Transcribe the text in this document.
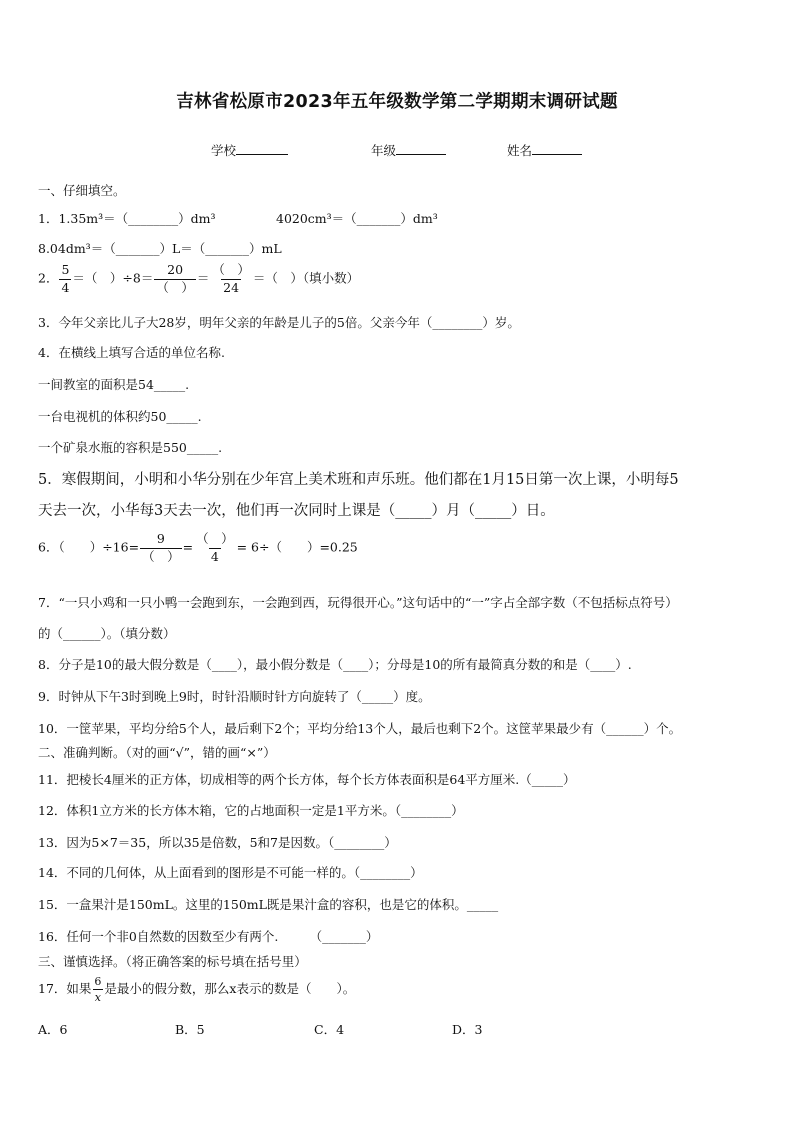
吉林省松原市2023年五年级数学第二学期期末调研试题
学校	年级	姓名
一、仔细填空。
1．1.35m³＝（________）dm³	4020cm³＝（_______）dm³
8.04dm³＝（_______）L＝（_______）mL
2． $\frac{5}{4}$ ＝（　）$\div 8= \frac{20}{( )} = \frac{( )}{24}$ ＝（　）（填小数）
3．今年父亲比儿子大28岁，明年父亲的年龄是儿子的5倍。父亲今年（________）岁。
4．在横线上填写合适的单位名称.
一间教室的面积是54_____.
一台电视机的体积约50_____.
一个矿泉水瓶的容积是550_____.
5．寒假期间，小明和小华分别在少年宫上美术班和声乐班。他们都在1月15日第一次上课，小明每5
天去一次，小华每3天去一次，他们再一次同时上课是（_____）月（_____）日。
6．（　　）$\div 16= \frac{9}{( )} = \frac{( )}{4} = 6\div$（　　）=0.25
7．“一只小鸡和一只小鸭一会跑到东，一会跑到西，玩得很开心。”这句话中的“一”字占全部字数（不包括标点符号）
的（______）。（填分数）
8．分子是10的最大假分数是（____），最小假分数是（____）；分母是10的所有最简真分数的和是（____）.
9．时钟从下午3时到晚上9时，时针沿顺时针方向旋转了（_____）度。
10．一筐苹果，平均分给5个人，最后剩下2个；平均分给13个人，最后也剩下2个。这筐苹果最少有（______）个。
二、准确判断。（对的画“√”，错的画“×”）
11．把棱长4厘米的正方体，切成相等的两个长方体，每个长方体表面积是64平方厘米.（_____）
12．体积1立方米的长方体木箱，它的占地面积一定是1平方米。（________）
13．因为5×7＝35，所以35是倍数，5和7是因数。（________）
14．不同的几何体，从上面看到的图形是不可能一样的。（________）
15．一盒果汁是150mL。这里的150mL既是果汁盒的容积，也是它的体积。_____
16．任何一个非0自然数的因数至少有两个.　　　（_______）
三、谨慎选择。（将正确答案的标号填在括号里）
17．如果 $\frac{6}{x}$ 是最小的假分数，那么x表示的数是（　　）。
A．6	B．5	C．4	D．3
